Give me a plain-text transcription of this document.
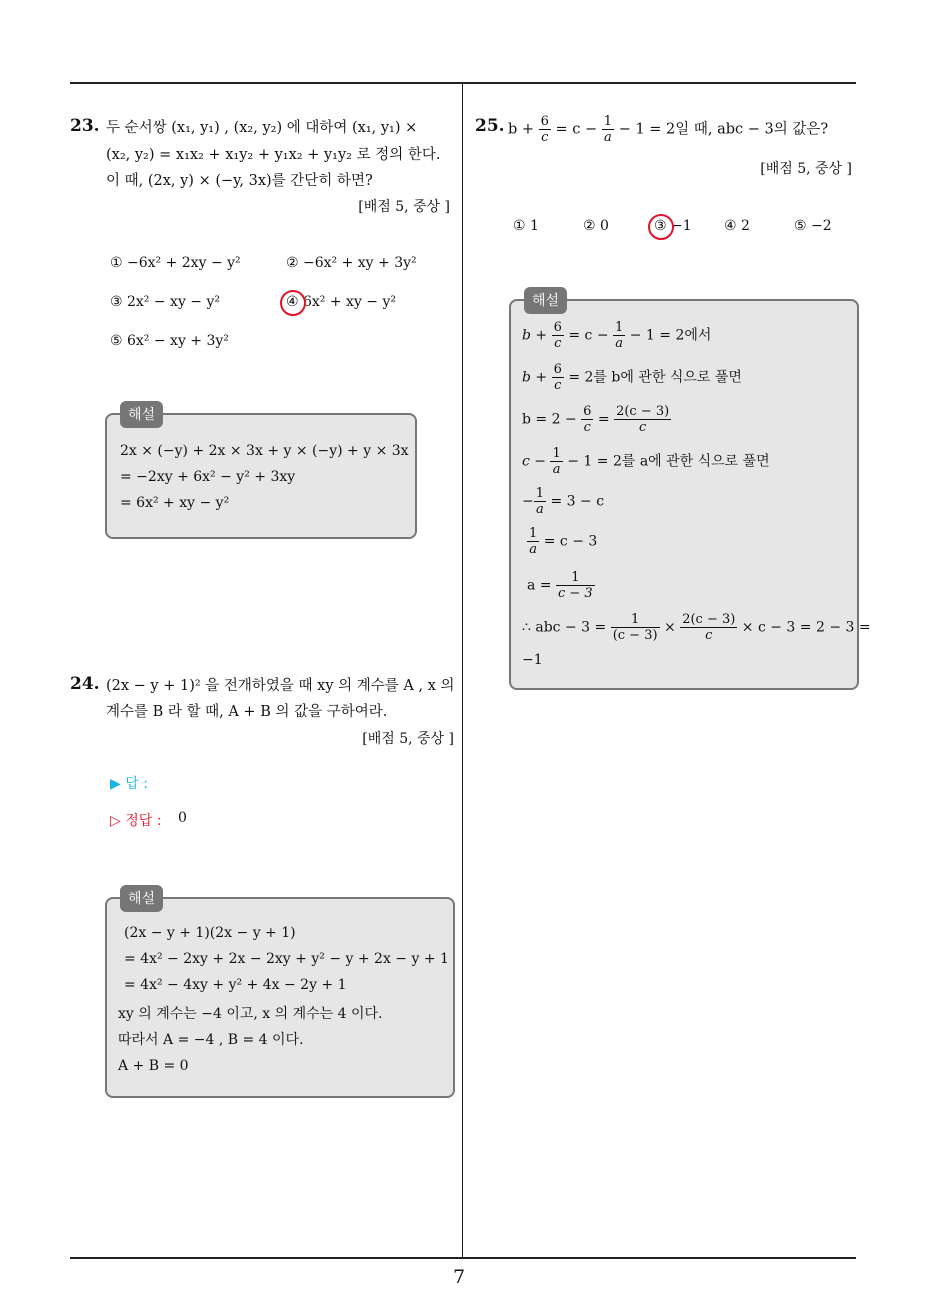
7
23. 두 순서쌍 (x₁, y₁) , (x₂, y₂) 에 대하여 (x₁, y₁) ×
(x₂, y₂) = x₁x₂ + x₁y₂ + y₁x₂ + y₁y₂ 로 정의 한다.
이 때, (2x, y) × (−y, 3x)를 간단히 하면?
[배점 5, 중상 ]
① −6x² + 2xy − y²	② −6x² + xy + 3y²
③ 2x² − xy − y²	④ 6x² + xy − y²
⑤ 6x² − xy + 3y²
해설
2x × (−y) + 2x × 3x + y × (−y) + y × 3x
= −2xy + 6x² − y² + 3xy
= 6x² + xy − y²
24. (2x − y + 1)² 을 전개하였을 때 xy 의 계수를 A , x 의
계수를 B 라 할 때, A + B 의 값을 구하여라.
[배점 5, 중상 ]
▶ 답 :
▷ 정답 : 0
해설
(2x − y + 1)(2x − y + 1)
= 4x² − 2xy + 2x − 2xy + y² − y + 2x − y + 1
= 4x² − 4xy + y² + 4x − 2y + 1
xy 의 계수는 −4 이고, x 의 계수는 4 이다.
따라서 A = −4 , B = 4 이다.
A + B = 0
25. $b + \frac{6}{c} = c - \frac{1}{a} - 1 = 2$일 때, abc − 3의 값은?
[배점 5, 중상 ]
① 1	② 0	③ −1 ④ 2	⑤ −2
해설
$b + \frac{6}{c} = c - \frac{1}{a} - 1 = 2$에서
$b + \frac{6}{c} = 2$를 b에 관한 식으로 풀면
$b = 2 - \frac{6}{c} = \frac{2(c - 3)}{c}$
$c - \frac{1}{a} - 1 = 2$를 a에 관한 식으로 풀면
− $\frac{1}{a} = 3 - c$
$\frac{1}{a} = c - 3$
$a = \frac{1}{c - 3}$
∴ abc − $3 = \frac{1}{(c - 3)} \times \frac{2(c - 3)}{c} \times c - 3 = 2 - 3$ =
−1
